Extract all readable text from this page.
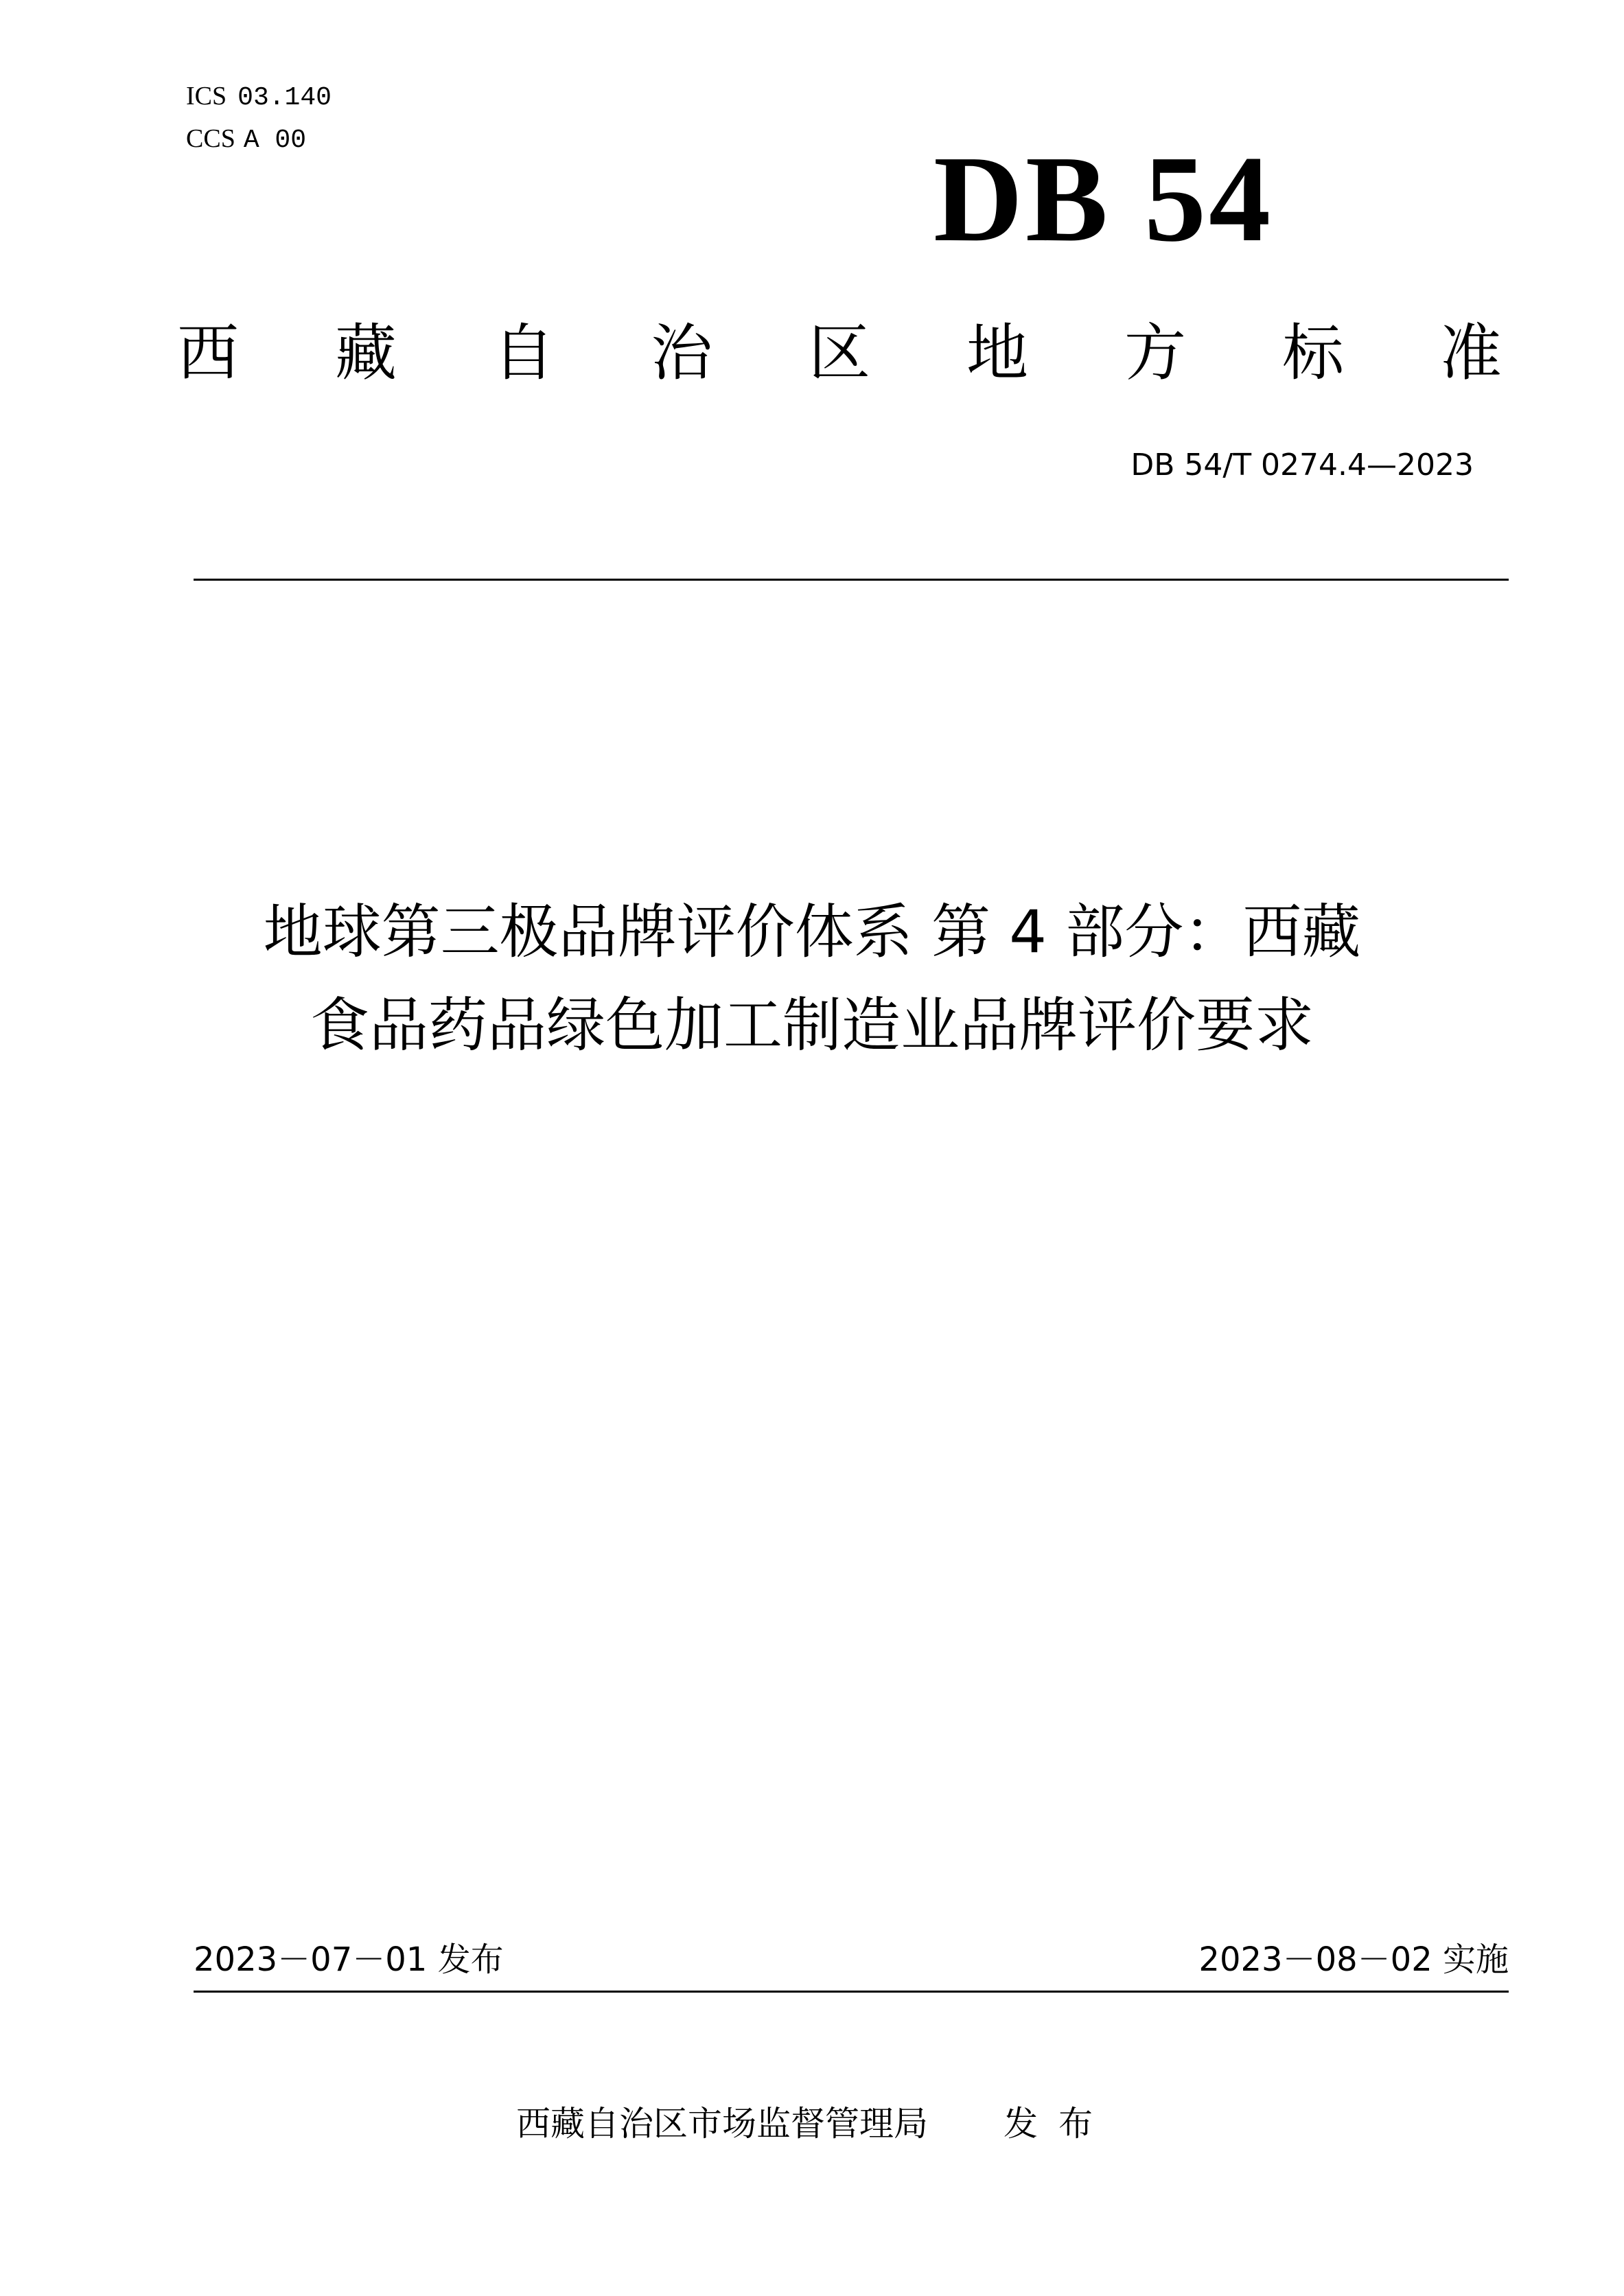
ICS 03.140
CCS A 00	DB 54
西 藏 自 治 区 地 方 标 准
DB 54/T 0274.4—2023
地球第三极品牌评价体系 第 4 部分：西藏
食品药品绿色加工制造业品牌评价要求
2023－07－01 发布	2023－08－02 实施
西藏自治区市场监督管理局 发布
